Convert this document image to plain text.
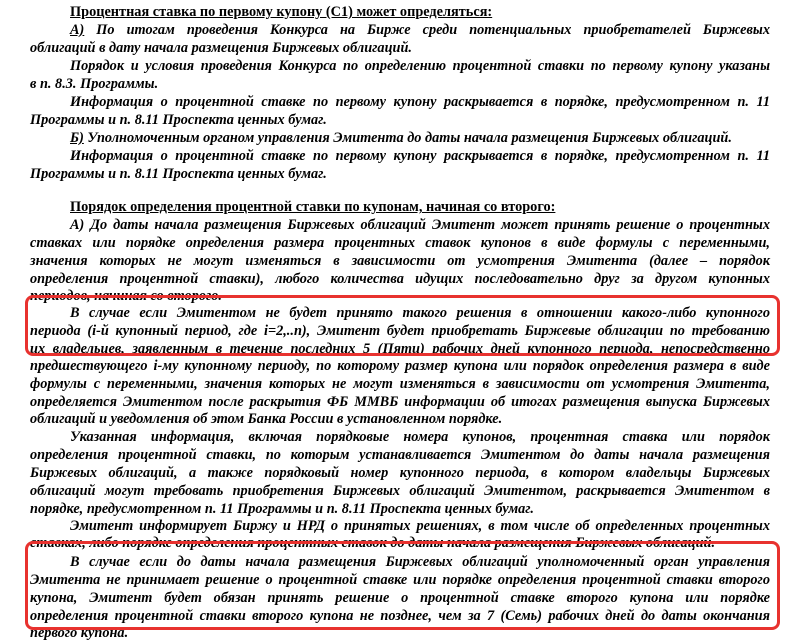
Процентная ставка по первому купону (С1) может определяться:
А) По итогам проведения Конкурса на Бирже среди потенциальных приобретателей Биржевых
облигаций в дату начала размещения Биржевых облигаций.
Порядок и условия проведения Конкурса по определению процентной ставки по первому купону указаны
в п. 8.3. Программы.
Информация о процентной ставке по первому купону раскрывается в порядке, предусмотренном п. 11
Программы и п. 8.11 Проспекта ценных бумаг.
Б) Уполномоченным органом управления Эмитента до даты начала размещения Биржевых облигаций.
Информация о процентной ставке по первому купону раскрывается в порядке, предусмотренном п. 11
Программы и п. 8.11 Проспекта ценных бумаг.
Порядок определения процентной ставки по купонам, начиная со второго:
А) До даты начала размещения Биржевых облигаций Эмитент может принять решение о процентных
ставках или порядке определения размера процентных ставок купонов в виде формулы с переменными,
значения которых не могут изменяться в зависимости от усмотрения Эмитента (далее – порядок
определения процентной ставки), любого количества идущих последовательно друг за другом купонных
периодов, начиная со второго.
В случае если Эмитентом не будет принято такого решения в отношении какого-либо купонного
периода (i-й купонный период, где i=2,..n), Эмитент будет приобретать Биржевые облигации по требованию
их владельцев, заявленным в течение последних 5 (Пяти) рабочих дней купонного периода, непосредственно
предшествующего i-му купонному периоду, по которому размер купона или порядок определения размера в виде
формулы с переменными, значения которых не могут изменяться в зависимости от усмотрения Эмитента,
определяется Эмитентом после раскрытия ФБ ММВБ информации об итогах размещения выпуска Биржевых
облигаций и уведомления об этом Банка России в установленном порядке.
Указанная информация, включая порядковые номера купонов, процентная ставка или порядок
определения процентной ставки, по которым устанавливается Эмитентом до даты начала размещения
Биржевых облигаций, а также порядковый номер купонного периода, в котором владельцы Биржевых
облигаций могут требовать приобретения Биржевых облигаций Эмитентом, раскрывается Эмитентом в
порядке, предусмотренном п. 11 Программы и п. 8.11 Проспекта ценных бумаг.
Эмитент информирует Биржу и НРД о принятых решениях, в том числе об определенных процентных
ставках, либо порядке определения процентных ставок до даты начала размещения Биржевых облигаций.
В случае если до даты начала размещения Биржевых облигаций уполномоченный орган управления
Эмитента не принимает решение о процентной ставке или порядке определения процентной ставки второго
купона, Эмитент будет обязан принять решение о процентной ставке второго купона или порядке
определения процентной ставки второго купона не позднее, чем за 7 (Семь) рабочих дней до даты окончания
первого купона.
